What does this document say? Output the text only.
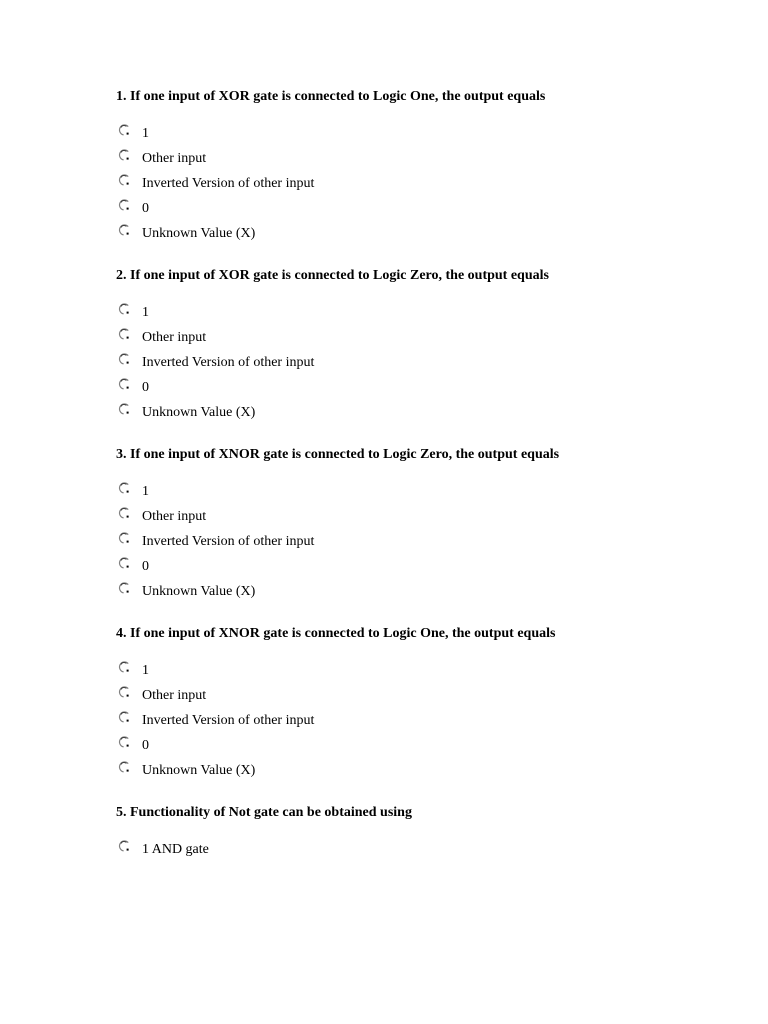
1. If one input of XOR gate is connected to Logic One, the output equals
1
Other input
Inverted Version of other input
0
Unknown Value (X)
2. If one input of XOR gate is connected to Logic Zero, the output equals
1
Other input
Inverted Version of other input
0
Unknown Value (X)
3. If one input of XNOR gate is connected to Logic Zero, the output equals
1
Other input
Inverted Version of other input
0
Unknown Value (X)
4. If one input of XNOR gate is connected to Logic One, the output equals
1
Other input
Inverted Version of other input
0
Unknown Value (X)
5. Functionality of Not gate can be obtained using
1 AND gate
